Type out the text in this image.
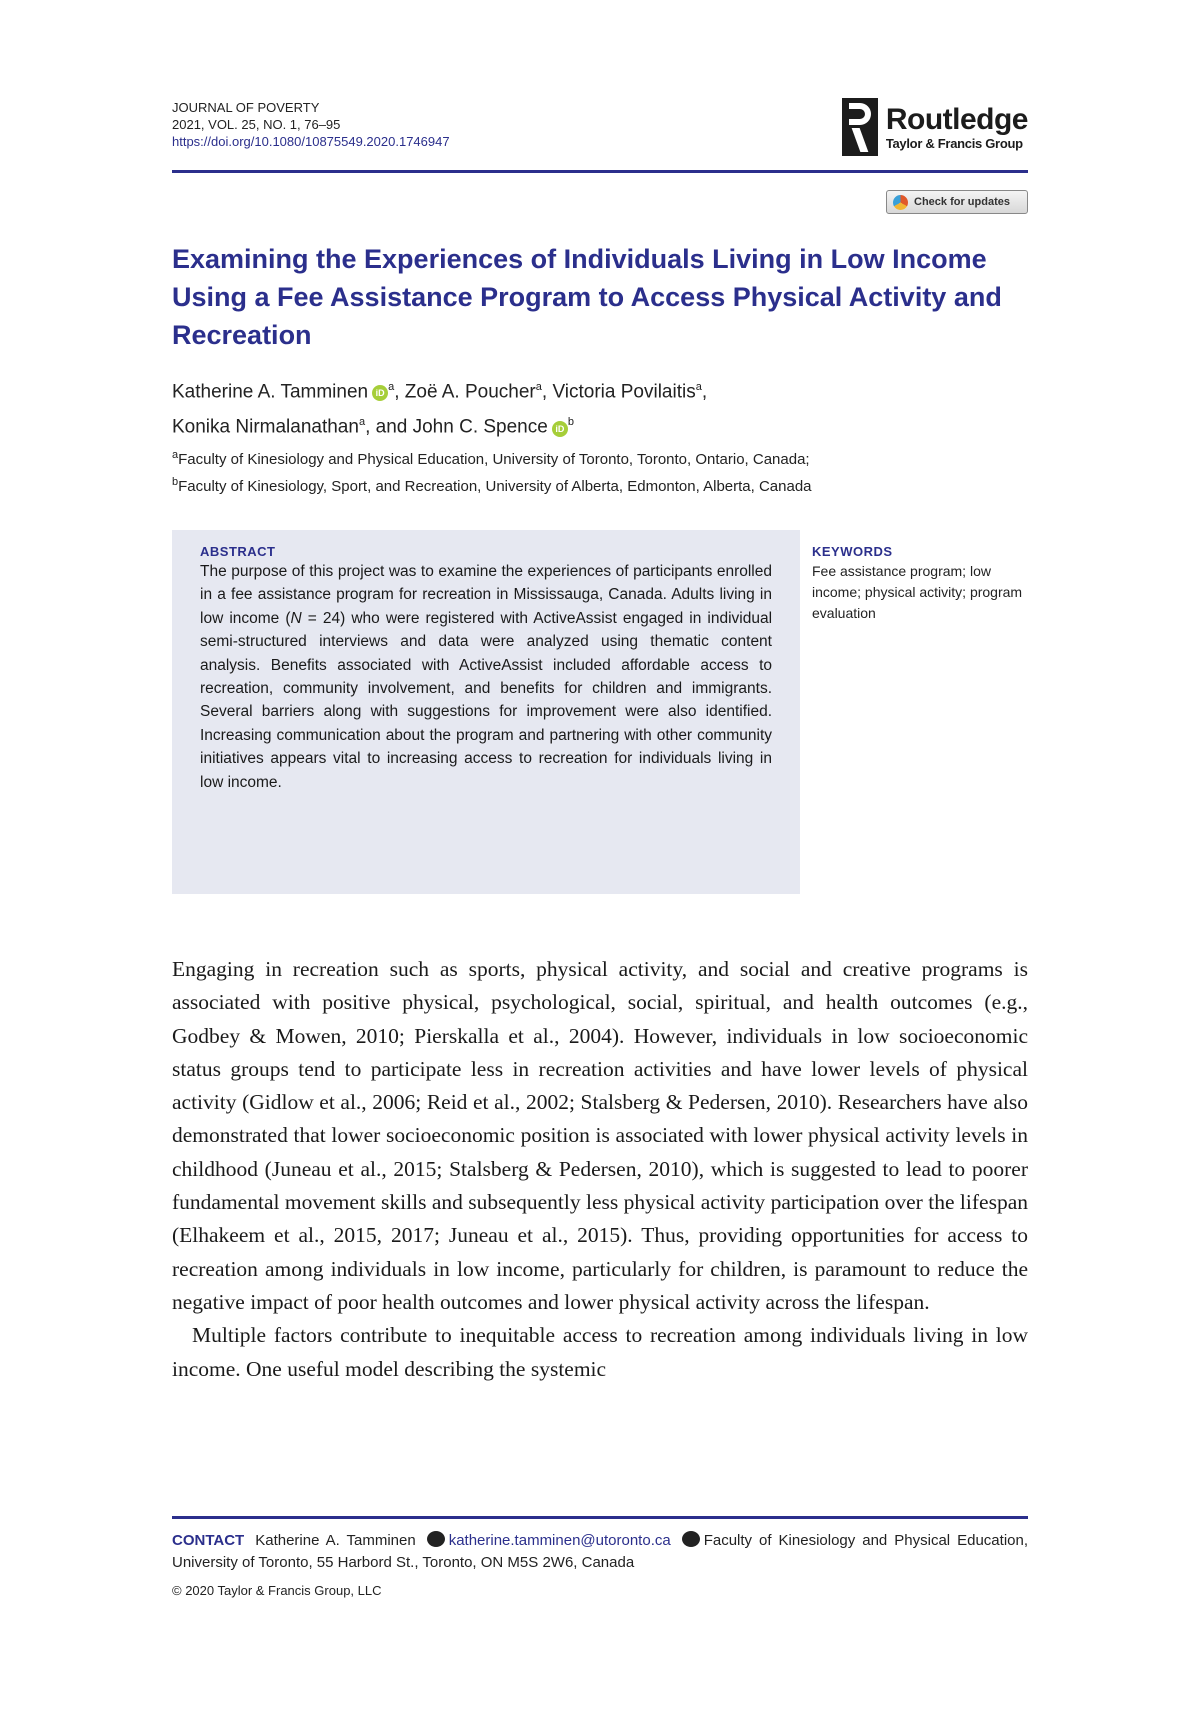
JOURNAL OF POVERTY
2021, VOL. 25, NO. 1, 76–95
https://doi.org/10.1080/10875549.2020.1746947
Routledge
Taylor & Francis Group
Check for updates
Examining the Experiences of Individuals Living in Low Income Using a Fee Assistance Program to Access Physical Activity and Recreation
Katherine A. Tamminen $iD^a$, Zoë A. Poucher$^a$, Victoria Povilaitis$^a$,
Konika Nirmalanathan$^a$, and John C. Spence $iD^b$
$^a$Faculty of Kinesiology and Physical Education, University of Toronto, Toronto, Ontario, Canada;
$^b$Faculty of Kinesiology, Sport, and Recreation, University of Alberta, Edmonton, Alberta, Canada
ABSTRACT
The purpose of this project was to examine the experiences of participants enrolled in a fee assistance program for recreation in Mississauga, Canada. Adults living in low income (N = 24) who were registered with ActiveAssist engaged in individual semi-structured interviews and data were analyzed using thematic content analysis. Benefits associated with ActiveAssist included affordable access to recreation, community involvement, and benefits for children and immigrants. Several barriers along with suggestions for improvement were also identified. Increasing communication about the program and partnering with other community initiatives appears vital to increasing access to recreation for individuals living in low income.
KEYWORDS
Fee assistance program; low income; physical activity; program evaluation

Engaging in recreation such as sports, physical activity, and social and creative programs is associated with positive physical, psychological, social, spiritual, and health outcomes (e.g., Godbey & Mowen, 2010; Pierskalla et al., 2004). However, individuals in low socioeconomic status groups tend to participate less in recreation activities and have lower levels of physical activity (Gidlow et al., 2006; Reid et al., 2002; Stalsberg & Pedersen, 2010). Researchers have also demonstrated that lower socioeconomic position is associated with lower physical activity levels in childhood (Juneau et al., 2015; Stalsberg & Pedersen, 2010), which is suggested to lead to poorer fundamental movement skills and subsequently less physical activity participation over the lifespan (Elhakeem et al., 2015, 2017; Juneau et al., 2015). Thus, providing opportunities for access to recreation among individuals in low income, particularly for children, is paramount to reduce the negative impact of poor health outcomes and lower physical activity across the lifespan.

Multiple factors contribute to inequitable access to recreation among individuals living in low income. One useful model describing the systemic

CONTACT Katherine A. Tamminen katherine.tamminen@utoronto.ca Faculty of Kinesiology and Physical Education, University of Toronto, 55 Harbord St., Toronto, ON M5S 2W6, Canada
© 2020 Taylor & Francis Group, LLC
